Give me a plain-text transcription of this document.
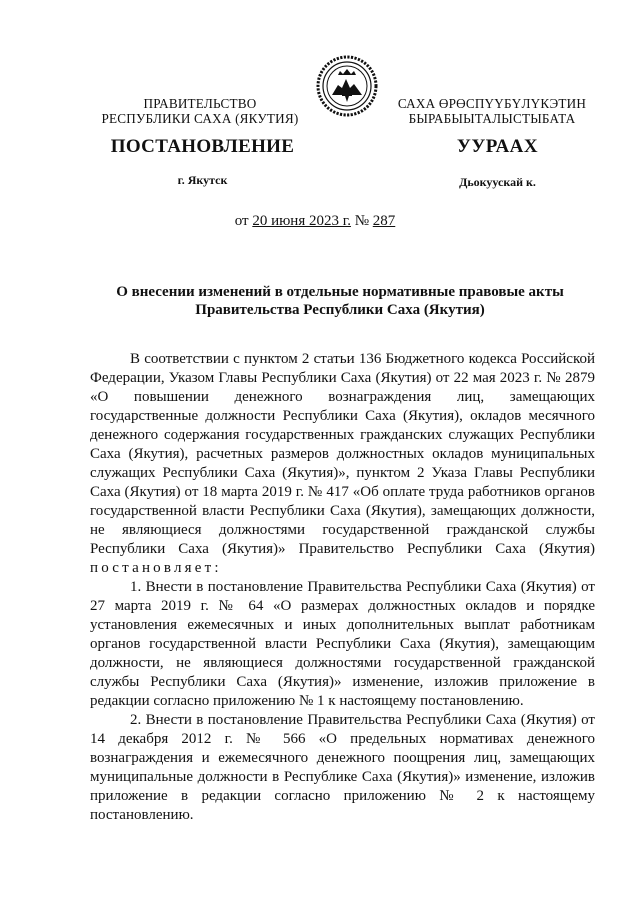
ПРАВИТЕЛЬСТВО
РЕСПУБЛИКИ САХА (ЯКУТИЯ)
САХА ӨРӨСПҮҮБҮЛҮКЭТИН
БЫРАБЫЫТАЛЫСТЫБАТА
ПОСТАНОВЛЕНИЕ	УУРААХ
г. Якутск	Дьокуускай к.
от 20 июня 2023 г. № 287
О внесении изменений в отдельные нормативные правовые акты
Правительства Республики Саха (Якутия)

В соответствии с пунктом 2 статьи 136 Бюджетного кодекса Российской Федерации, Указом Главы Республики Саха (Якутия) от 22 мая 2023 г. № 2879 «О повышении денежного вознаграждения лиц, замещающих государственные должности Республики Саха (Якутия), окладов месячного денежного содержания государственных гражданских служащих Республики Саха (Якутия), расчетных размеров должностных окладов муниципальных служащих Республики Саха (Якутия)», пунктом 2 Указа Главы Республики Саха (Якутия) от 18 марта 2019 г. № 417 «Об оплате труда работников органов государственной власти Республики Саха (Якутия), замещающих должности, не являющиеся должностями государственной гражданской службы Республики Саха (Якутия)» Правительство Республики Саха (Якутия) постановляет:

1. Внести в постановление Правительства Республики Саха (Якутия) от 27 марта 2019 г. № 64 «О размерах должностных окладов и порядке установления ежемесячных и иных дополнительных выплат работникам органов государственной власти Республики Саха (Якутия), замещающим должности, не являющиеся должностями государственной гражданской службы Республики Саха (Якутия)» изменение, изложив приложение в редакции согласно приложению № 1 к настоящему постановлению.

2. Внести в постановление Правительства Республики Саха (Якутия) от 14 декабря 2012 г. № 566 «О предельных нормативах денежного вознаграждения и ежемесячного денежного поощрения лиц, замещающих муниципальные должности в Республике Саха (Якутия)» изменение, изложив приложение в редакции согласно приложению № 2 к настоящему постановлению.
